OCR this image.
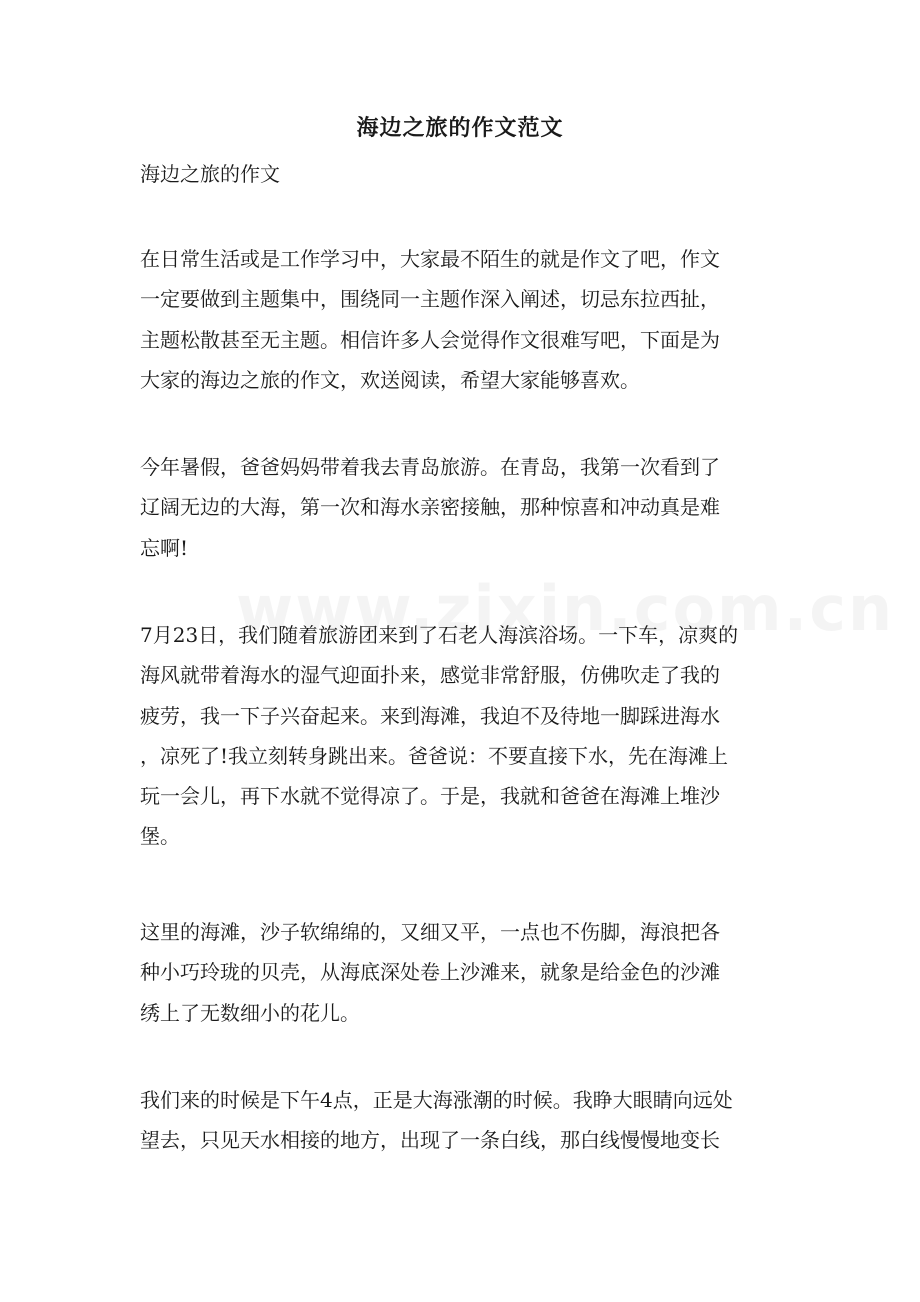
海边之旅的作文范文
海边之旅的作文
在日常生活或是工作学习中，大家最不陌生的就是作文了吧，作文
一定要做到主题集中，围绕同一主题作深入阐述，切忌东拉西扯，
主题松散甚至无主题。相信许多人会觉得作文很难写吧，下面是为
大家的海边之旅的作文，欢送阅读，希望大家能够喜欢。
今年暑假，爸爸妈妈带着我去青岛旅游。在青岛，我第一次看到了
辽阔无边的大海，第一次和海水亲密接触，那种惊喜和冲动真是难
忘啊!
7月23日，我们随着旅游团来到了石老人海滨浴场。一下车，凉爽的
海风就带着海水的湿气迎面扑来，感觉非常舒服，仿佛吹走了我的
疲劳，我一下子兴奋起来。来到海滩，我迫不及待地一脚踩进海水
，凉死了!我立刻转身跳出来。爸爸说：不要直接下水，先在海滩上
玩一会儿，再下水就不觉得凉了。于是，我就和爸爸在海滩上堆沙
堡。
这里的海滩，沙子软绵绵的，又细又平，一点也不伤脚，海浪把各
种小巧玲珑的贝壳，从海底深处卷上沙滩来，就象是给金色的沙滩
绣上了无数细小的花儿。
我们来的时候是下午4点，正是大海涨潮的时候。我睁大眼睛向远处
望去，只见天水相接的地方，出现了一条白线，那白线慢慢地变长
